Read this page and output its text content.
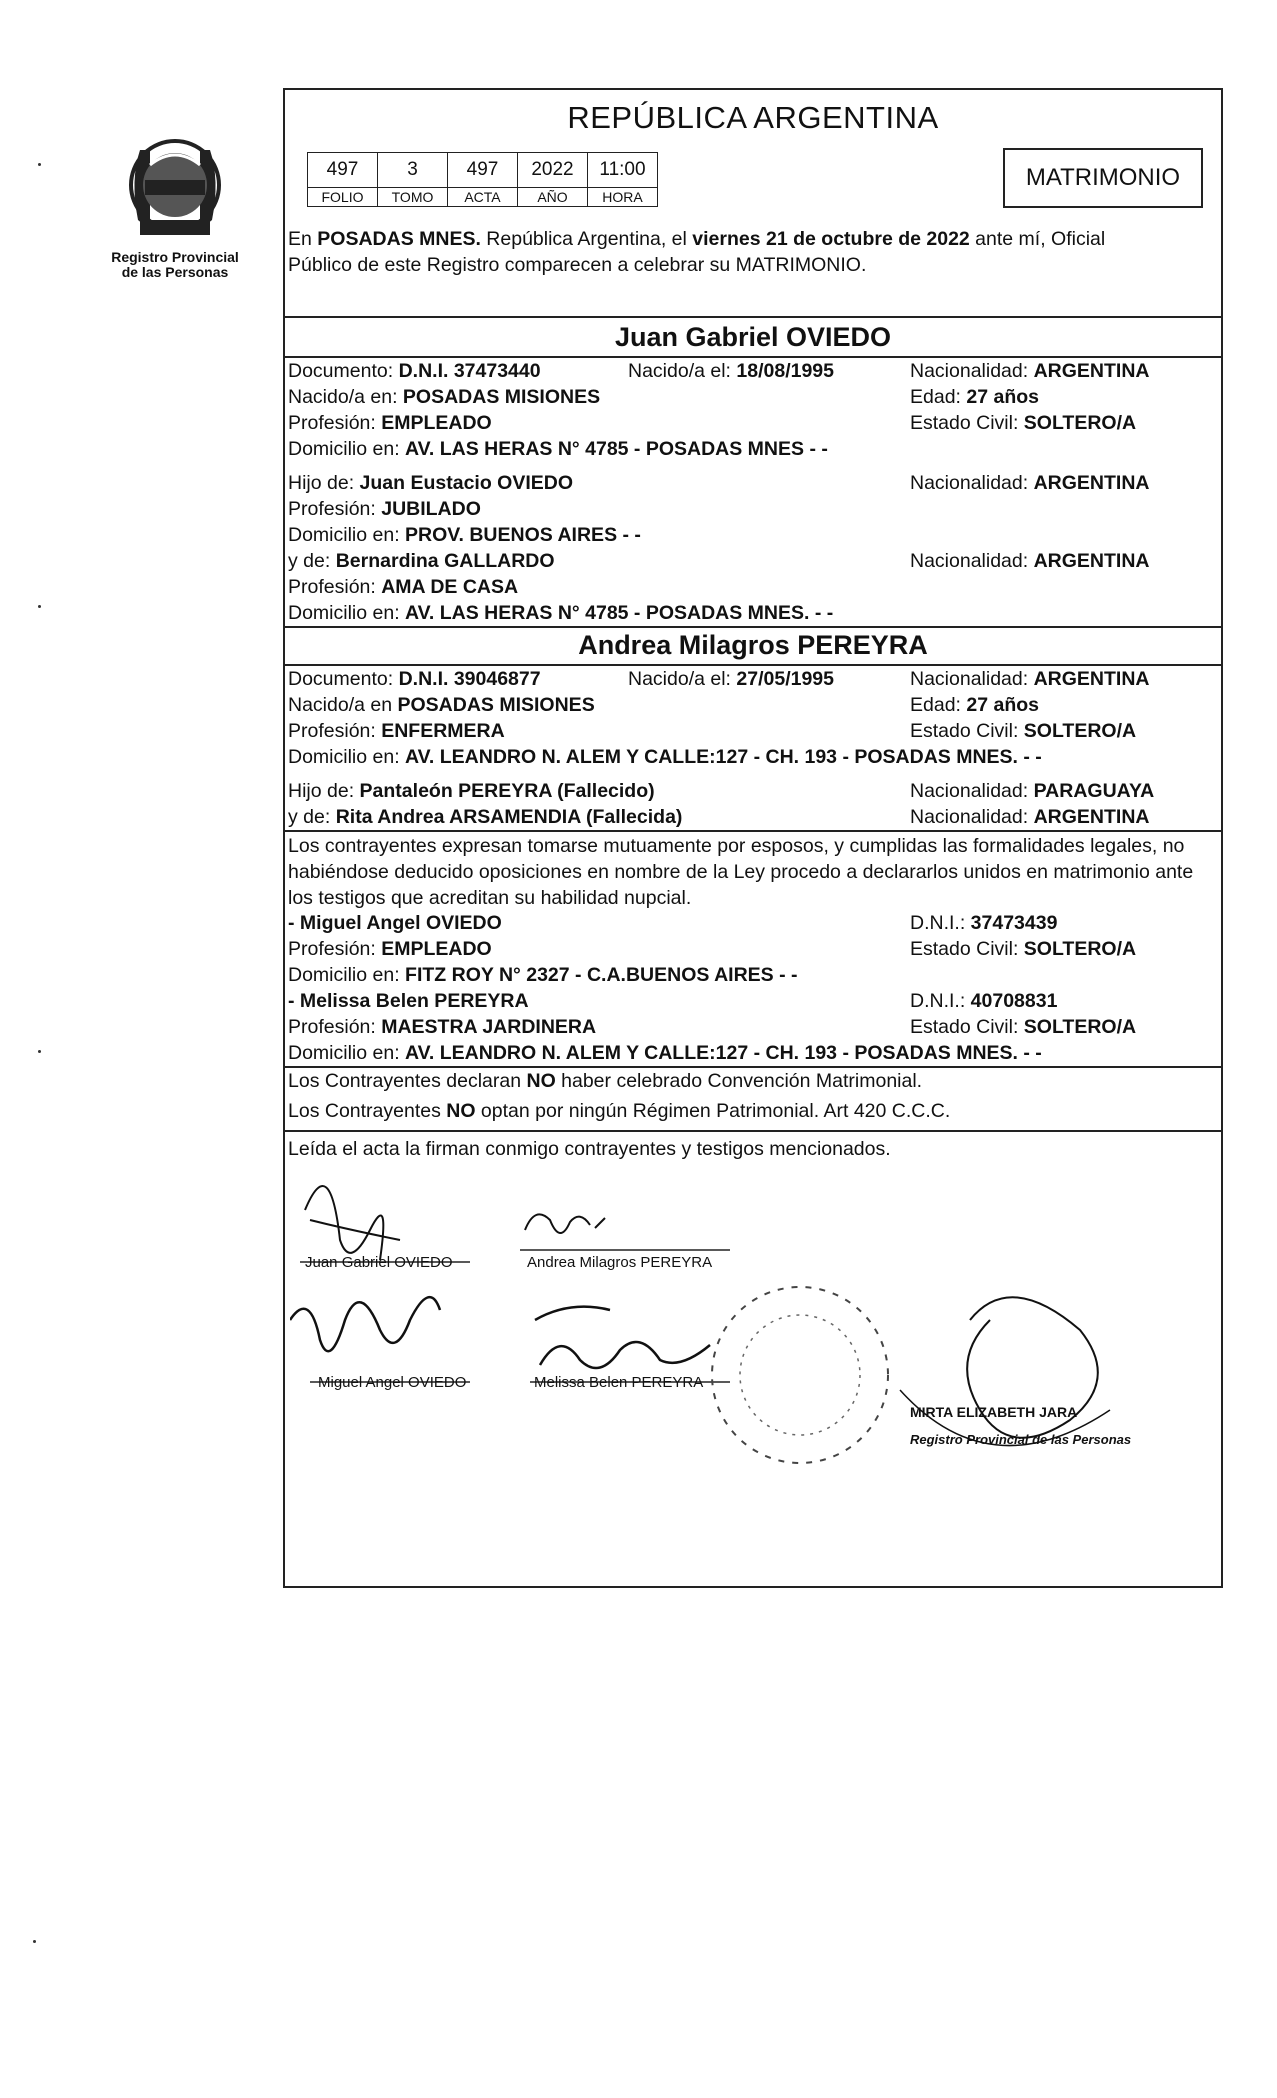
Registro Provincial
de las Personas
REPÚBLICA ARGENTINA
497	3	497	2022	11:00
FOLIO	TOMO	ACTA	AÑO	HORA
MATRIMONIO
En POSADAS MNES. República Argentina, el viernes 21 de octubre de 2022 ante mí, Oficial
Público de este Registro comparecen a celebrar su MATRIMONIO.
Juan Gabriel OVIEDO
Documento: D.N.I. 37473440	Nacido/a el: 18/08/1995	Nacionalidad: ARGENTINA
Nacido/a en: POSADAS MISIONES	Edad: 27 años
Profesión: EMPLEADO	Estado Civil: SOLTERO/A
Domicilio en: AV. LAS HERAS N° 4785 - POSADAS MNES - -
Hijo de: Juan Eustacio OVIEDO	Nacionalidad: ARGENTINA
Profesión: JUBILADO
Domicilio en: PROV. BUENOS AIRES - -
y de: Bernardina GALLARDO	Nacionalidad: ARGENTINA
Profesión: AMA DE CASA
Domicilio en: AV. LAS HERAS N° 4785 - POSADAS MNES. - -
Andrea Milagros PEREYRA
Documento: D.N.I. 39046877	Nacido/a el: 27/05/1995	Nacionalidad: ARGENTINA
Nacido/a en POSADAS MISIONES	Edad: 27 años
Profesión: ENFERMERA	Estado Civil: SOLTERO/A
Domicilio en: AV. LEANDRO N. ALEM Y CALLE:127 - CH. 193 - POSADAS MNES. - -
Hijo de: Pantaleón PEREYRA (Fallecido)	Nacionalidad: PARAGUAYA
y de: Rita Andrea ARSAMENDIA (Fallecida)	Nacionalidad: ARGENTINA
Los contrayentes expresan tomarse mutuamente por esposos, y cumplidas las formalidades legales, no
habiéndose deducido oposiciones en nombre de la Ley procedo a declararlos unidos en matrimonio ante
los testigos que acreditan su habilidad nupcial.
- Miguel Angel OVIEDO	D.N.I.: 37473439
Profesión: EMPLEADO	Estado Civil: SOLTERO/A
Domicilio en: FITZ ROY N° 2327 - C.A.BUENOS AIRES - -
- Melissa Belen PEREYRA	D.N.I.: 40708831
Profesión: MAESTRA JARDINERA	Estado Civil: SOLTERO/A
Domicilio en: AV. LEANDRO N. ALEM Y CALLE:127 - CH. 193 - POSADAS MNES. - -
Los Contrayentes declaran NO haber celebrado Convención Matrimonial.
Los Contrayentes NO optan por ningún Régimen Patrimonial. Art 420 C.C.C.
Leída el acta la firman conmigo contrayentes y testigos mencionados.
Juan Gabriel OVIEDO	Andrea Milagros PEREYRA
Miguel Angel OVIEDO	Melissa Belen PEREYRA
MIRTA ELIZABETH JARA
Registro Provincial de las Personas
